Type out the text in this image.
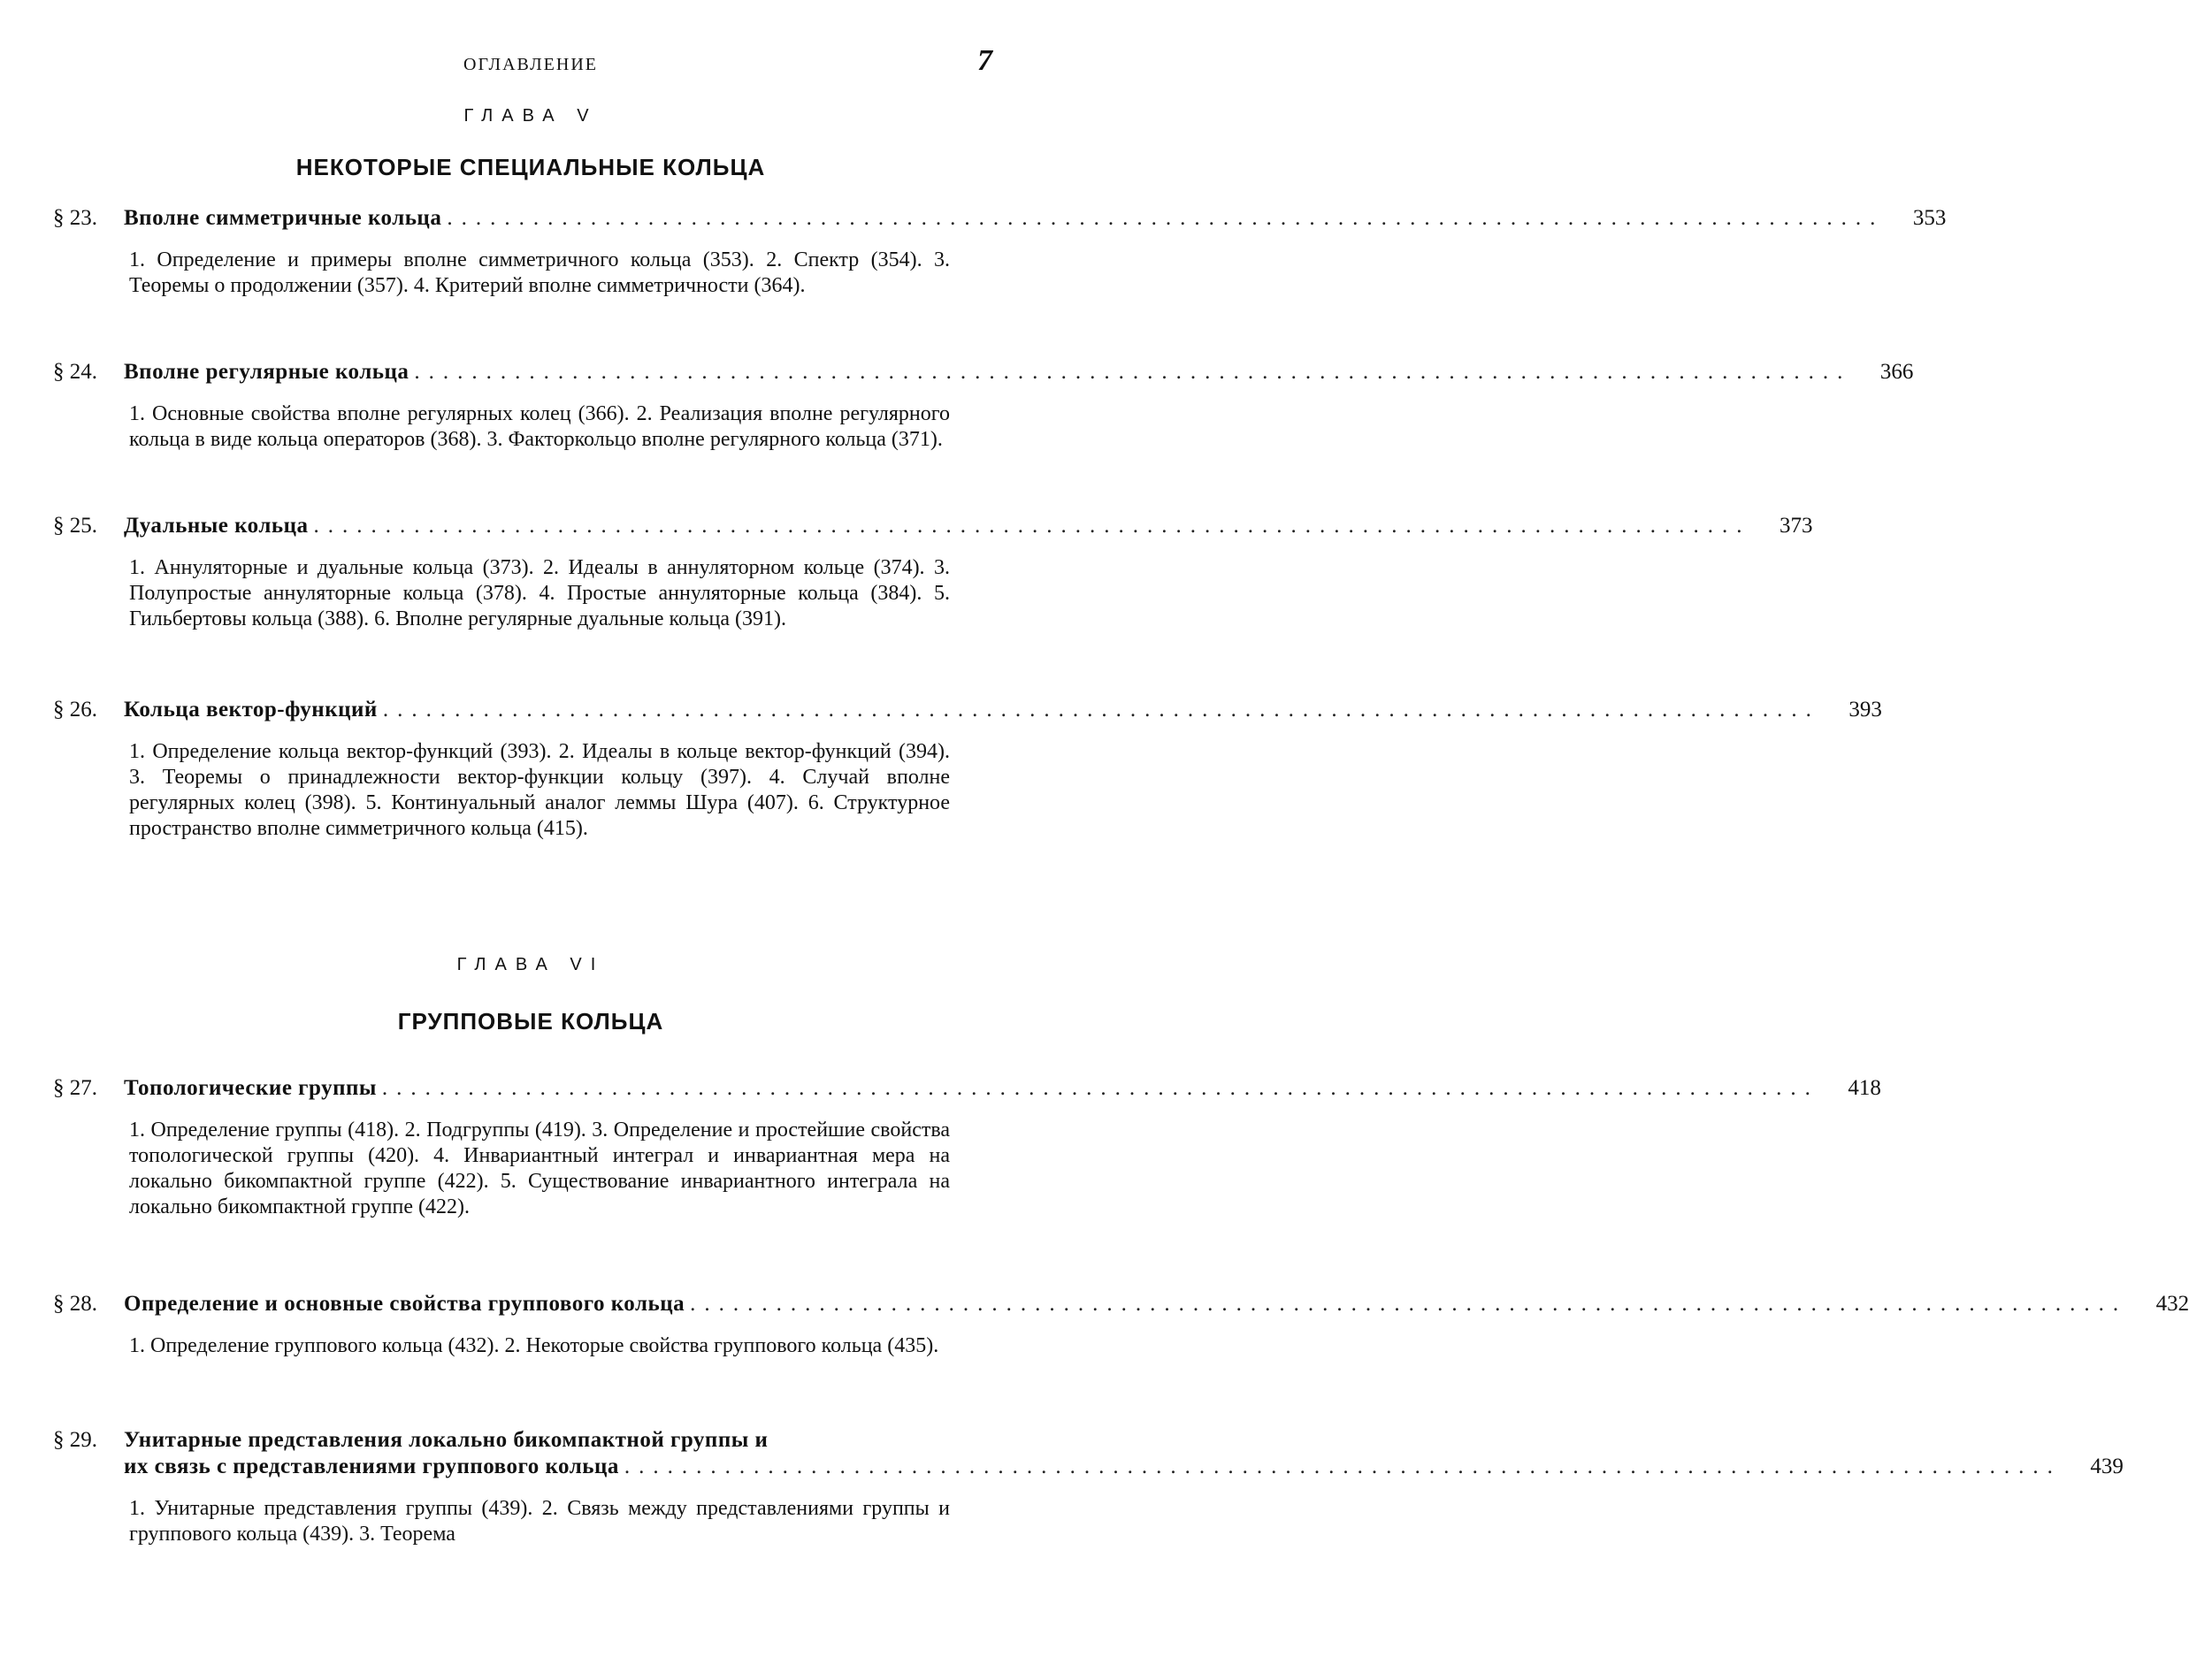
ОГЛАВЛЕНИЕ	7
ГЛАВА V
НЕКОТОРЫЕ СПЕЦИАЛЬНЫЕ КОЛЬЦА
§ 23.	Вполне симметричные кольца ....................................................................................................	353
1. Определение и примеры вполне симметричного кольца (353). 2. Спектр (354). 3. Теоремы о продолжении (357). 4. Критерий вполне симметричности (364).
§ 24.	Вполне регулярные кольца ....................................................................................................	366
1. Основные свойства вполне регулярных колец (366). 2. Реализация вполне регулярного кольца в виде кольца операторов (368). 3. Факторкольцо вполне регулярного кольца (371).
§ 25.	Дуальные кольца ....................................................................................................	373
1. Аннуляторные и дуальные кольца (373). 2. Идеалы в аннуляторном кольце (374). 3. Полупростые аннуляторные кольца (378). 4. Простые аннуляторные кольца (384). 5. Гильбертовы кольца (388). 6. Вполне регулярные дуальные кольца (391).
§ 26.	Кольца вектор-функций ....................................................................................................	393
1. Определение кольца вектор-функций (393). 2. Идеалы в кольце вектор-функций (394). 3. Теоремы о принадлежности вектор-функции кольцу (397). 4. Случай вполне регулярных колец (398). 5. Континуальный аналог леммы Шура (407). 6. Структурное пространство вполне симметричного кольца (415).
ГЛАВА VI
ГРУППОВЫЕ КОЛЬЦА
§ 27.	Топологические группы ....................................................................................................	418
1. Определение группы (418). 2. Подгруппы (419). 3. Определение и простейшие свойства топологической группы (420). 4. Инвариантный интеграл и инвариантная мера на локально бикомпактной группе (422). 5. Существование инвариантного интеграла на локально бикомпактной группе (422).
§ 28.	Определение и основные свойства группового кольца ....................................................................................................	432
1. Определение группового кольца (432). 2. Некоторые свойства группового кольца (435).
§ 29.	Унитарные представления локально бикомпактной группы и
их связь с представлениями группового кольца ....................................................................................................	439
1. Унитарные представления группы (439). 2. Связь между представлениями группы и группового кольца (439). 3. Теорема
